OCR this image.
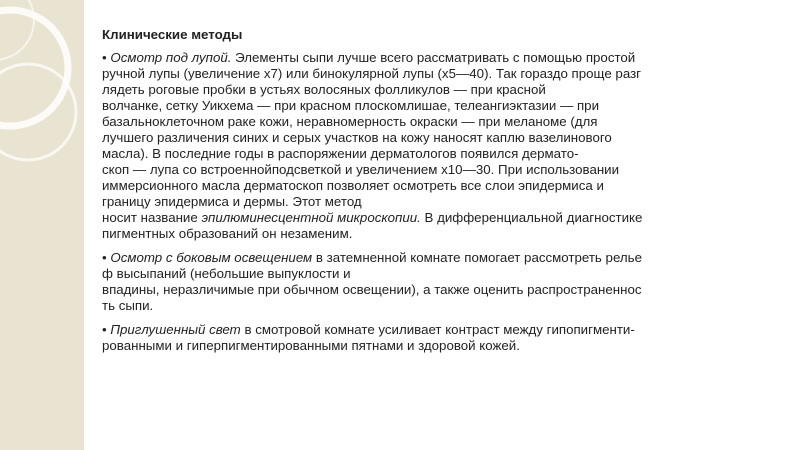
Клинические методы
• Осмотр под лупой. Элементы сыпи лучше всего рассматривать с помощью простой
ручной лупы (увеличение х7) или бинокулярной лупы (х5—40). Так гораздо проще разг
лядеть роговые пробки в устьях волосяных фолликулов — при красной
волчанке, сетку Уикхема — при красном плоскомлишае, телеангиэктазии — при
базальноклеточном раке кожи, неравномерность окраски — при меланоме (для
лучшего различения синих и серых участков на кожу наносят каплю вазелинового
масла). В последние годы в распоряжении дерматологов появился дермато-
скоп — лупа со встроеннойподсветкой и увеличением х10—30. При использовании
иммерсионного масла дерматоскоп позволяет осмотреть все слои эпидермиса и
границу эпидермиса и дермы. Этот метод
носит название эпилюминесцентной микроскопии. В дифференциальной диагностике
пигментных образований он незаменим.
• Осмотр с боковым освещением в затемненной комнате помогает рассмотреть релье
ф высыпаний (небольшие выпуклости и
впадины, неразличимые при обычном освещении), а также оценить распространеннос
ть сыпи.
• Приглушенный свет в смотровой комнате усиливает контраст между гипопигменти-
рованными и гиперпигментированными пятнами и здоровой кожей.
